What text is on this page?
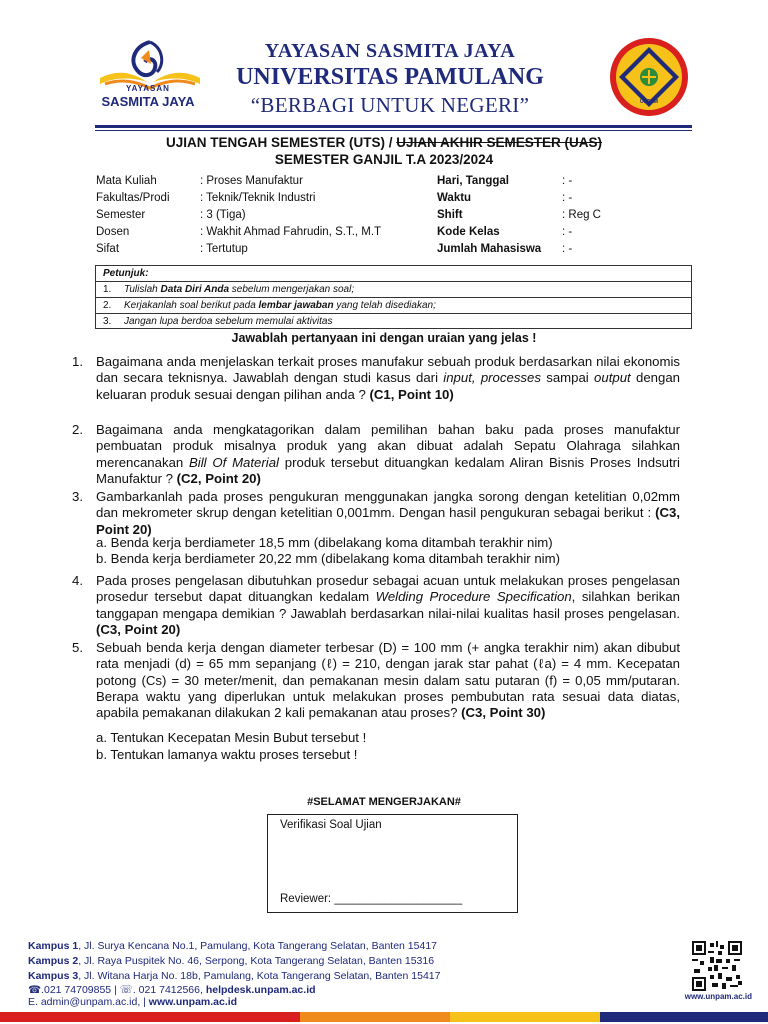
YAYASAN
SASMITA JAYA
YAYASAN SASMITA JAYA
UNIVERSITAS PAMULANG
“BERBAGI UNTUK NEGERI”	UNPAM
UJIAN TENGAH SEMESTER (UTS) / UJIAN AKHIR SEMESTER (UAS)
SEMESTER GANJIL T.A 2023/2024
Mata Kuliah	: Proses Manufaktur
Fakultas/Prodi	: Teknik/Teknik Industri
Semester	: 3 (Tiga)
Dosen	: Wakhit Ahmad Fahrudin, S.T., M.T
Sifat	: Tertutup
Hari, Tanggal	: -
Waktu	: -
Shift	: Reg C
Kode Kelas	: -
Jumlah Mahasiswa : -
Petunjuk:
1. Tulislah Data Diri Anda sebelum mengerjakan soal;
2. Kerjakanlah soal berikut pada lembar jawaban yang telah disediakan;
3. Jangan lupa berdoa sebelum memulai aktivitas
Jawablah pertanyaan ini dengan uraian yang jelas !
1. Bagaimana anda menjelaskan terkait proses manufakur sebuah produk berdasarkan nilai ekonomis dan secara teknisnya. Jawablah dengan studi kasus dari input, processes sampai output dengan keluaran produk sesuai dengan pilihan anda ? (C1, Point 10)
2. Bagaimana anda mengkatagorikan dalam pemilihan bahan baku pada proses manufaktur pembuatan produk misalnya produk yang akan dibuat adalah Sepatu Olahraga silahkan merencanakan Bill Of Material produk tersebut dituangkan kedalam Aliran Bisnis Proses Indsutri Manufaktur ? (C2, Point 20)
3. Gambarkanlah pada proses pengukuran menggunakan jangka sorong dengan ketelitian 0,02mm dan mekrometer skrup dengan ketelitian 0,001mm. Dengan hasil pengukuran sebagai berikut : (C3, Point 20)
a. Benda kerja berdiameter 18,5 mm (dibelakang koma ditambah terakhir nim)
b. Benda kerja berdiameter 20,22 mm (dibelakang koma ditambah terakhir nim)
4. Pada proses pengelasan dibutuhkan prosedur sebagai acuan untuk melakukan proses pengelasan prosedur tersebut dapat dituangkan kedalam Welding Procedure Specification, silahkan berikan tanggapan mengapa demikian ? Jawablah berdasarkan nilai-nilai kualitas hasil proses pengelasan. (C3, Point 20)
5. Sebuah benda kerja dengan diameter terbesar (D) = 100 mm (+ angka terakhir nim) akan dibubut rata menjadi (d) = 65 mm sepanjang (ℓ) = 210, dengan jarak star pahat (ℓa) = 4 mm. Kecepatan potong (Cs) = 30 meter/menit, dan pemakanan mesin dalam satu putaran (f) = 0,05 mm/putaran. Berapa waktu yang diperlukan untuk melakukan proses pembubutan rata sesuai data diatas, apabila pemakanan dilakukan 2 kali pemakanan atau proses? (C3, Point 30)
a. Tentukan Kecepatan Mesin Bubut tersebut !
b. Tentukan lamanya waktu proses tersebut !
#SELAMAT MENGERJAKAN#
Verifikasi Soal Ujian
Reviewer: ____________________
Kampus 1, Jl. Surya Kencana No.1, Pamulang, Kota Tangerang Selatan, Banten 15417
Kampus 2, Jl. Raya Puspitek No. 46, Serpong, Kota Tangerang Selatan, Banten 15316
Kampus 3, Jl. Witana Harja No. 18b, Pamulang, Kota Tangerang Selatan, Banten 15417
☎.021 74709855 | ☏. 021 7412566, helpdesk.unpam.ac.id
E. admin@unpam.ac.id, | www.unpam.ac.id	www.unpam.ac.id
